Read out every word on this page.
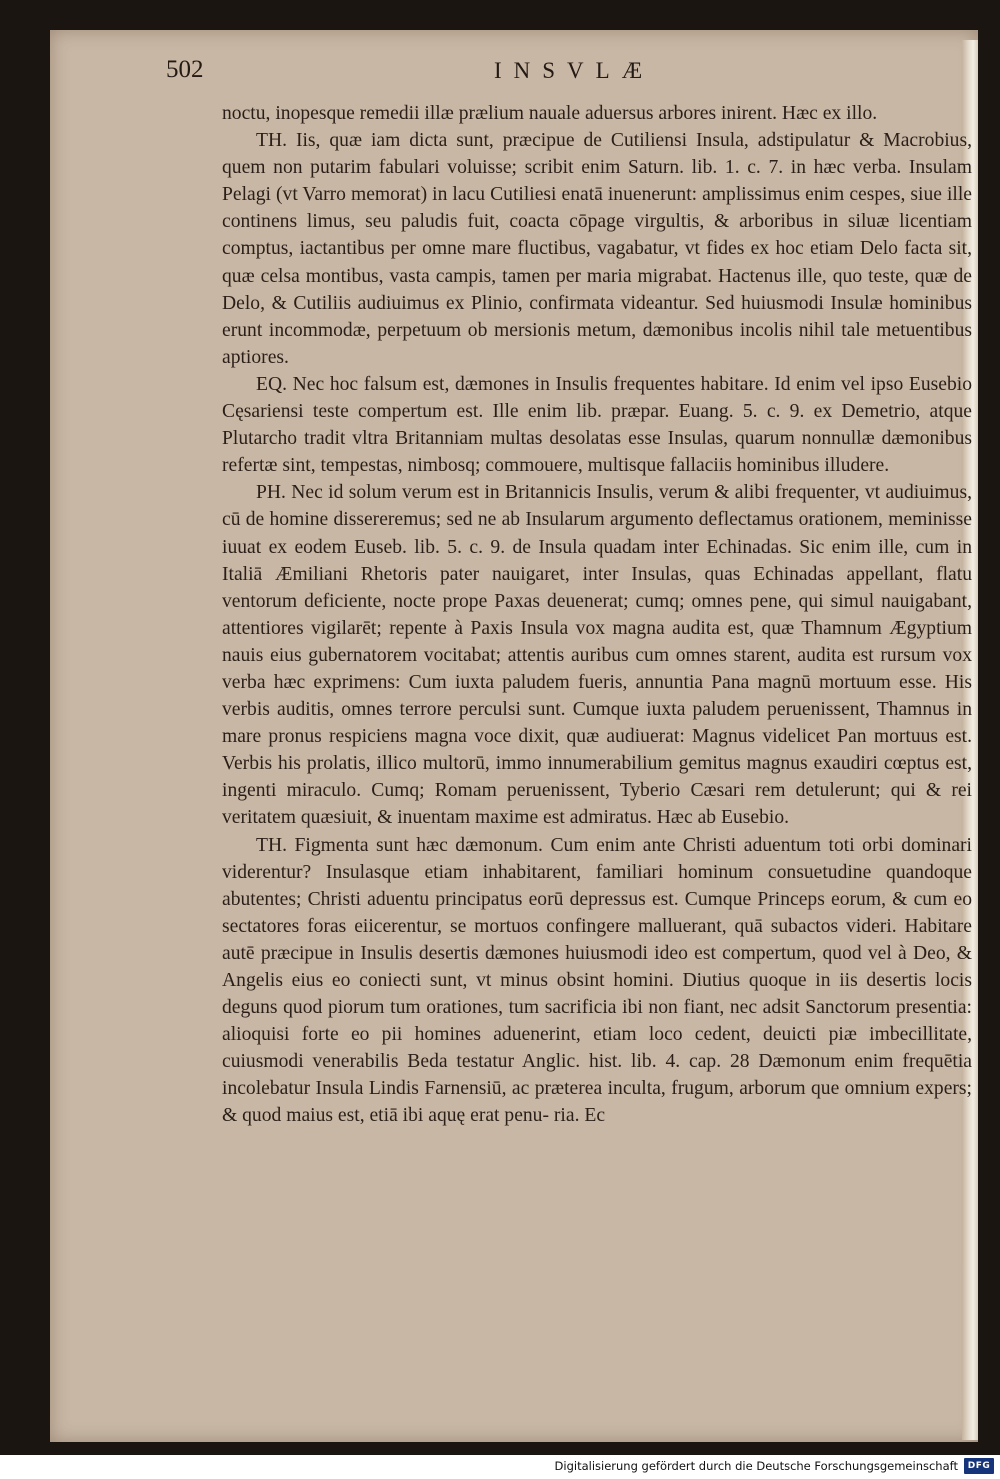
502	INSVLÆ

noctu, inopesque remedii illæ prælium nauale aduersus arbores inirent. Hæc ex illo.

TH. Iis, quæ iam dicta sunt, præcipue de Cutiliensi Insula, adstipulatur & Macrobius, quem non putarim fabulari voluisse; scribit enim Saturn. lib. 1. c. 7. in hæc verba. Insulam Pelagi (vt Varro memorat) in lacu Cutiliesi enatā inuenerunt: amplissimus enim cespes, siue ille continens limus, seu paludis fuit, coacta cōpage virgultis, & arboribus in siluæ licentiam comptus, iactantibus per omne mare fluctibus, vagabatur, vt fides ex hoc etiam Delo facta sit, quæ celsa montibus, vasta campis, tamen per maria migrabat. Hactenus ille, quo teste, quæ de Delo, & Cutiliis audiuimus ex Plinio, confirmata videantur. Sed huiusmodi Insulæ hominibus erunt incommodæ, perpetuum ob mersionis metum, dæmonibus incolis nihil tale metuentibus aptiores.

EQ. Nec hoc falsum est, dæmones in Insulis frequentes habitare. Id enim vel ipso Eusebio Cęsariensi teste compertum est. Ille enim lib. præpar. Euang. 5. c. 9. ex Demetrio, atque Plutarcho tradit vltra Britanniam multas desolatas esse Insulas, quarum nonnullæ dæmonibus refertæ sint, tempestas, nimbosq; commouere, multisque fallaciis hominibus illudere.

PH. Nec id solum verum est in Britannicis Insulis, verum & alibi frequenter, vt audiuimus, cū de homine dissereremus; sed ne ab Insularum argumento deflectamus orationem, meminisse iuuat ex eodem Euseb. lib. 5. c. 9. de Insula quadam inter Echinadas. Sic enim ille, cum in Italiā Æmiliani Rhetoris pater nauigaret, inter Insulas, quas Echinadas appellant, flatu ventorum deficiente, nocte prope Paxas deuenerat; cumq; omnes pene, qui simul nauigabant, attentiores vigilarēt; repente à Paxis Insula vox magna audita est, quæ Thamnum Ægyptium nauis eius gubernatorem vocitabat; attentis auribus cum omnes starent, audita est rursum vox verba hæc exprimens: Cum iuxta paludem fueris, annuntia Pana magnū mortuum esse. His verbis auditis, omnes terrore perculsi sunt. Cumque iuxta paludem peruenissent, Thamnus in mare pronus respiciens magna voce dixit, quæ audiuerat: Magnus videlicet Pan mortuus est. Verbis his prolatis, illico multorū, immo innumerabilium gemitus magnus exaudiri cœptus est, ingenti miraculo. Cumq; Romam peruenissent, Tyberio Cæsari rem detulerunt; qui & rei veritatem quæsiuit, & inuentam maxime est admiratus. Hæc ab Eusebio.

TH. Figmenta sunt hæc dæmonum. Cum enim ante Christi aduentum toti orbi dominari viderentur? Insulasque etiam inhabitarent, familiari hominum consuetudine quandoque abutentes; Christi aduentu principatus eorū depressus est. Cumque Princeps eorum, & cum eo sectatores foras eiicerentur, se mortuos confingere malluerant, quā subactos videri. Habitare autē præcipue in Insulis desertis dæmones huiusmodi ideo est compertum, quod vel à Deo, & Angelis eius eo coniecti sunt, vt minus obsint homini. Diutius quoque in iis desertis locis deguns quod piorum tum orationes, tum sacrificia ibi non fiant, nec adsit Sanctorum presentia: alioquisi forte eo pii homines aduenerint, etiam loco cedent, deuicti piæ imbecillitate, cuiusmodi venerabilis Beda testatur Anglic. hist. lib. 4. cap. 28 Dæmonum enim frequētia incolebatur Insula Lindis Farnensiū, ac præterea inculta, frugum, arborum que omnium expers; & quod maius est, etiā ibi aquę erat penu- ria. Ec

Digitalisierung gefördert durch die Deutsche Forschungsgemeinschaft	DFG
